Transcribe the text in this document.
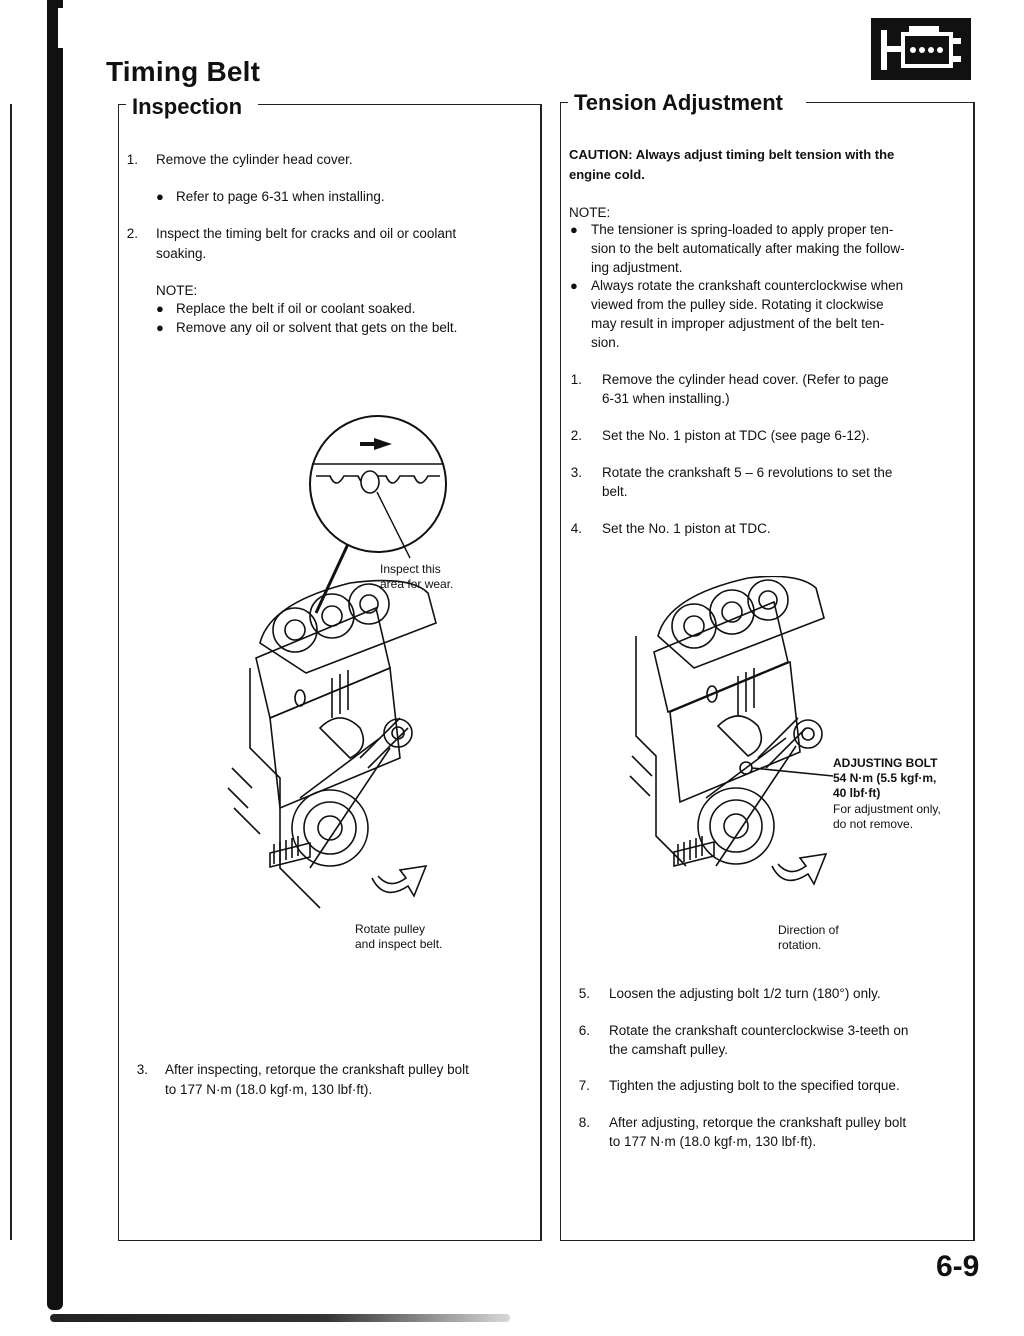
Timing Belt
Inspection
1. Remove the cylinder head cover.
● Refer to page 6-31 when installing.
2. Inspect the timing belt for cracks and oil or coolant
soaking.
NOTE:
● Replace the belt if oil or coolant soaked.
● Remove any oil or solvent that gets on the belt.
Inspect this
area for wear.
Rotate pulley
and inspect belt.
3. After inspecting, retorque the crankshaft pulley bolt
to 177 N·m (18.0 kgf·m, 130 lbf·ft).
Tension Adjustment
CAUTION: Always adjust timing belt tension with the
engine cold.
NOTE:
● The tensioner is spring-loaded to apply proper ten-
sion to the belt automatically after making the follow-
ing adjustment.
● Always rotate the crankshaft counterclockwise when
viewed from the pulley side. Rotating it clockwise
may result in improper adjustment of the belt ten-
sion.
1. Remove the cylinder head cover. (Refer to page
6-31 when installing.)
2. Set the No. 1 piston at TDC (see page 6-12).
3. Rotate the crankshaft 5 – 6 revolutions to set the
belt.
4. Set the No. 1 piston at TDC.
ADJUSTING BOLT
54 N·m (5.5 kgf·m,
40 lbf·ft)
For adjustment only,
do not remove.
Direction of
rotation.
5. Loosen the adjusting bolt 1/2 turn (180°) only.
6. Rotate the crankshaft counterclockwise 3-teeth on
the camshaft pulley.
7. Tighten the adjusting bolt to the specified torque.
8. After adjusting, retorque the crankshaft pulley bolt
to 177 N·m (18.0 kgf·m, 130 lbf·ft).
6-9
